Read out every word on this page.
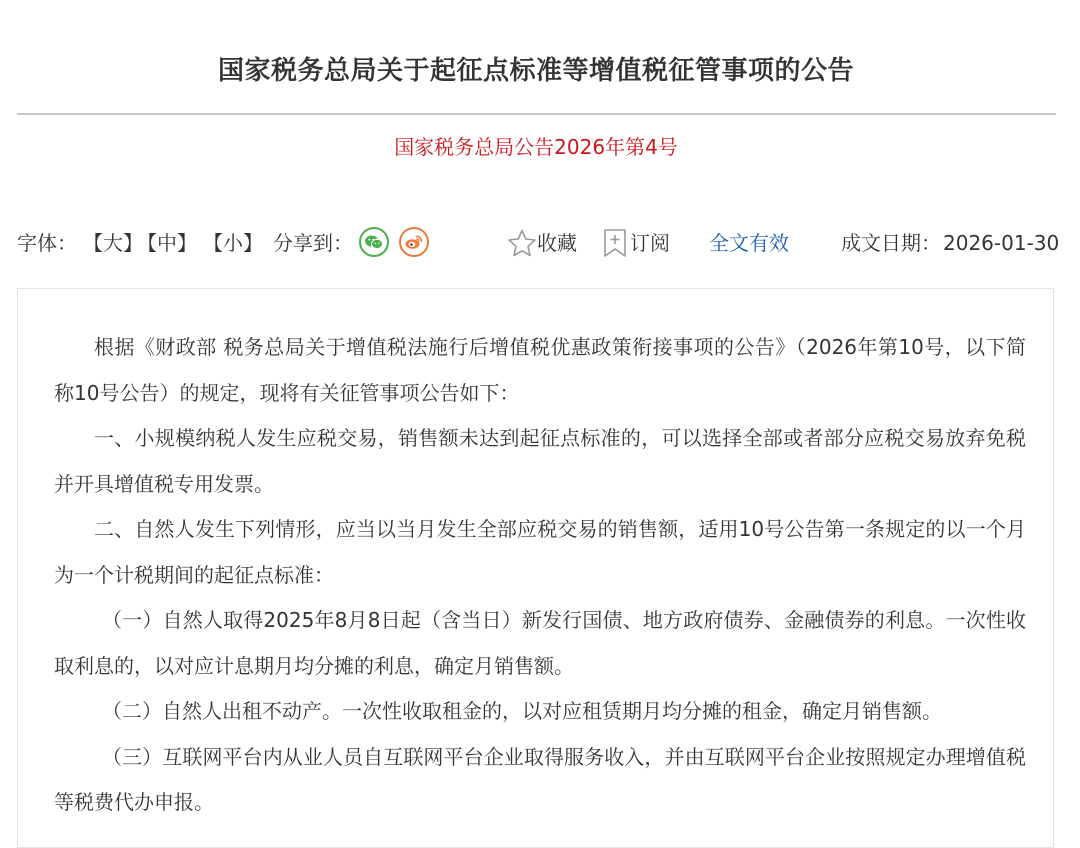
国家税务总局关于起征点标准等增值税征管事项的公告
国家税务总局公告2026年第4号
字体： 【大】
【中】 【小】 分享到：	收藏	订阅 全文有效	成文日期： 2026-01-30

根据《财政部 税务总局关于增值税法施行后增值税优惠政策衔接事项的公告》（2026年第10号，以下简称10号公告）的规定，现将有关征管事项公告如下：

一、小规模纳税人发生应税交易，销售额未达到起征点标准的，可以选择全部或者部分应税交易放弃免税并开具增值税专用发票。

二、自然人发生下列情形，应当以当月发生全部应税交易的销售额，适用10号公告第一条规定的以一个月为一个计税期间的起征点标准：

（一）自然人取得2025年8月8日起（含当日）新发行国债、地方政府债券、金融债券的利息。一次性收取利息的，以对应计息期月均分摊的利息，确定月销售额。

（二）自然人出租不动产。一次性收取租金的，以对应租赁期月均分摊的租金，确定月销售额。

（三）互联网平台内从业人员自互联网平台企业取得服务收入，并由互联网平台企业按照规定办理增值税等税费代办申报。
